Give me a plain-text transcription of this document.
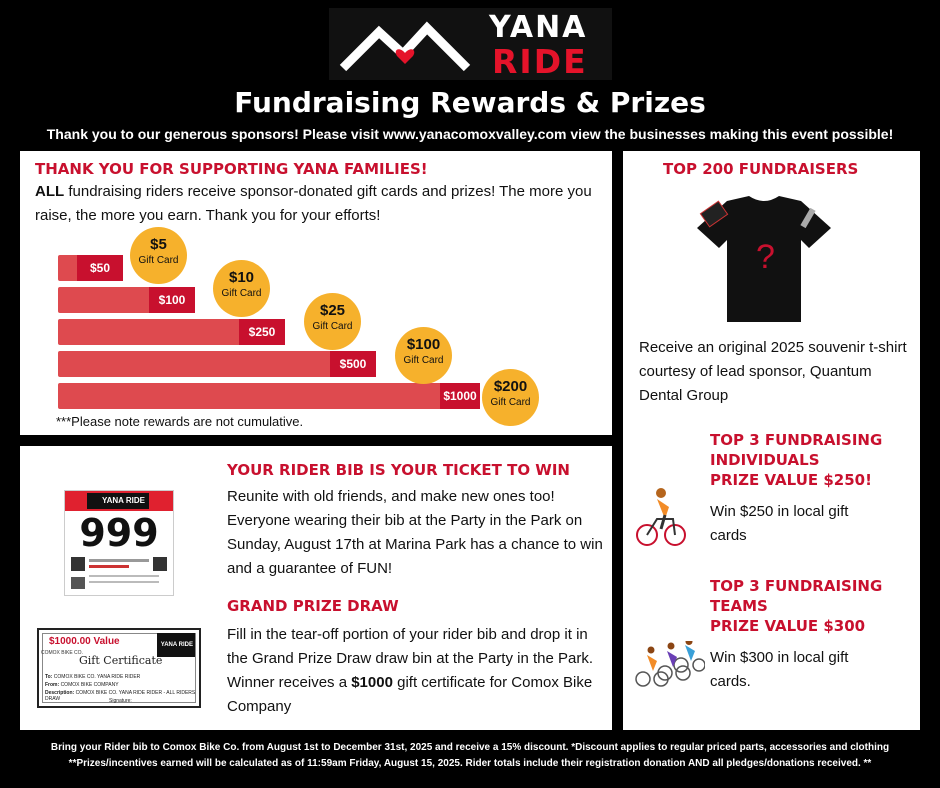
YANA
RIDE
Fundraising Rewards & Prizes
Thank you to our generous sponsors! Please visit www.yanacomoxvalley.com view the businesses making this event possible!
THANK YOU FOR SUPPORTING YANA FAMILIES!
ALL fundraising riders receive sponsor-donated gift cards and prizes! The more you raise, the more you earn. Thank you for your efforts!
$50
$100
$250
$500
$1000
$5
Gift Card
$10
Gift Card
$25
Gift Card
$100
Gift Card
$200
Gift Card
***Please note rewards are not cumulative.
YOUR RIDER BIB IS YOUR TICKET TO WIN
Reunite with old friends, and make new ones too! Everyone wearing their bib at the Party in the Park on Sunday, August 17th at Marina Park has a chance to win and a guarantee of FUN!
GRAND PRIZE DRAW
Fill in the tear-off portion of your rider bib and drop it in the Grand Prize Draw draw bin at the Party in the Park. Winner receives a $1000 gift certificate for Comox Bike Company
YANA RIDE
999
$1000.00 Value	YANA RIDE
COMOX BIKE CO.
Gift Certificate
To: COMOX BIKE CO. YANA RIDE RIDER
From: COMOX BIKE COMPANY
Description: COMOX BIKE CO. YANA RIDE RIDER - ALL RIDERS DRAW	Signature:
TOP 200 FUNDRAISERS
?
Receive an original 2025 souvenir t-shirt courtesy of lead sponsor, Quantum Dental Group
TOP 3 FUNDRAISING
INDIVIDUALS
PRIZE VALUE $250!
Win $250 in local gift cards
TOP 3 FUNDRAISING
TEAMS
PRIZE VALUE $300
Win $300 in local gift cards.
Bring your Rider bib to Comox Bike Co. from August 1st to December 31st, 2025 and receive a 15% discount. *Discount applies to regular priced parts, accessories and clothing
**Prizes/incentives earned will be calculated as of 11:59am Friday, August 15, 2025. Rider totals include their registration donation AND all pledges/donations received. **
